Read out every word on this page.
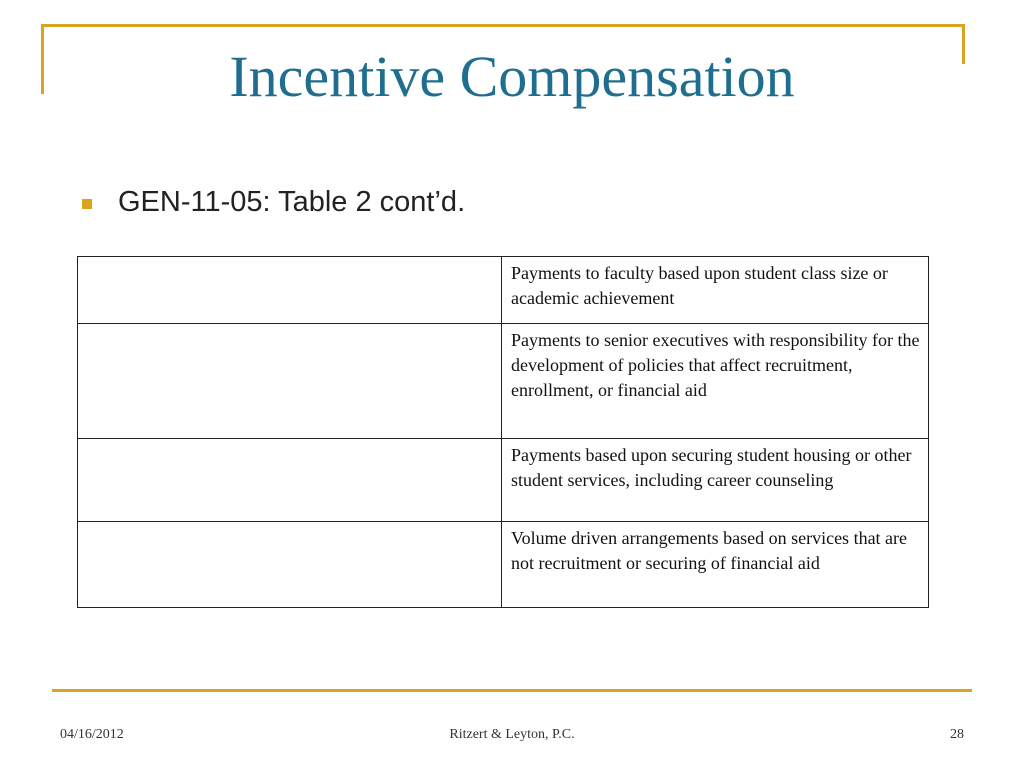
Incentive Compensation
GEN-11-05: Table 2 cont’d.
	Payments to faculty based upon student class size or academic achievement
	Payments to senior executives with responsibility for the development of policies that affect recruitment, enrollment, or financial aid
	Payments based upon securing student housing or other student services, including career counseling
	Volume driven arrangements based on services that are not recruitment or securing of financial aid
04/16/2012	Ritzert & Leyton, P.C.	28
